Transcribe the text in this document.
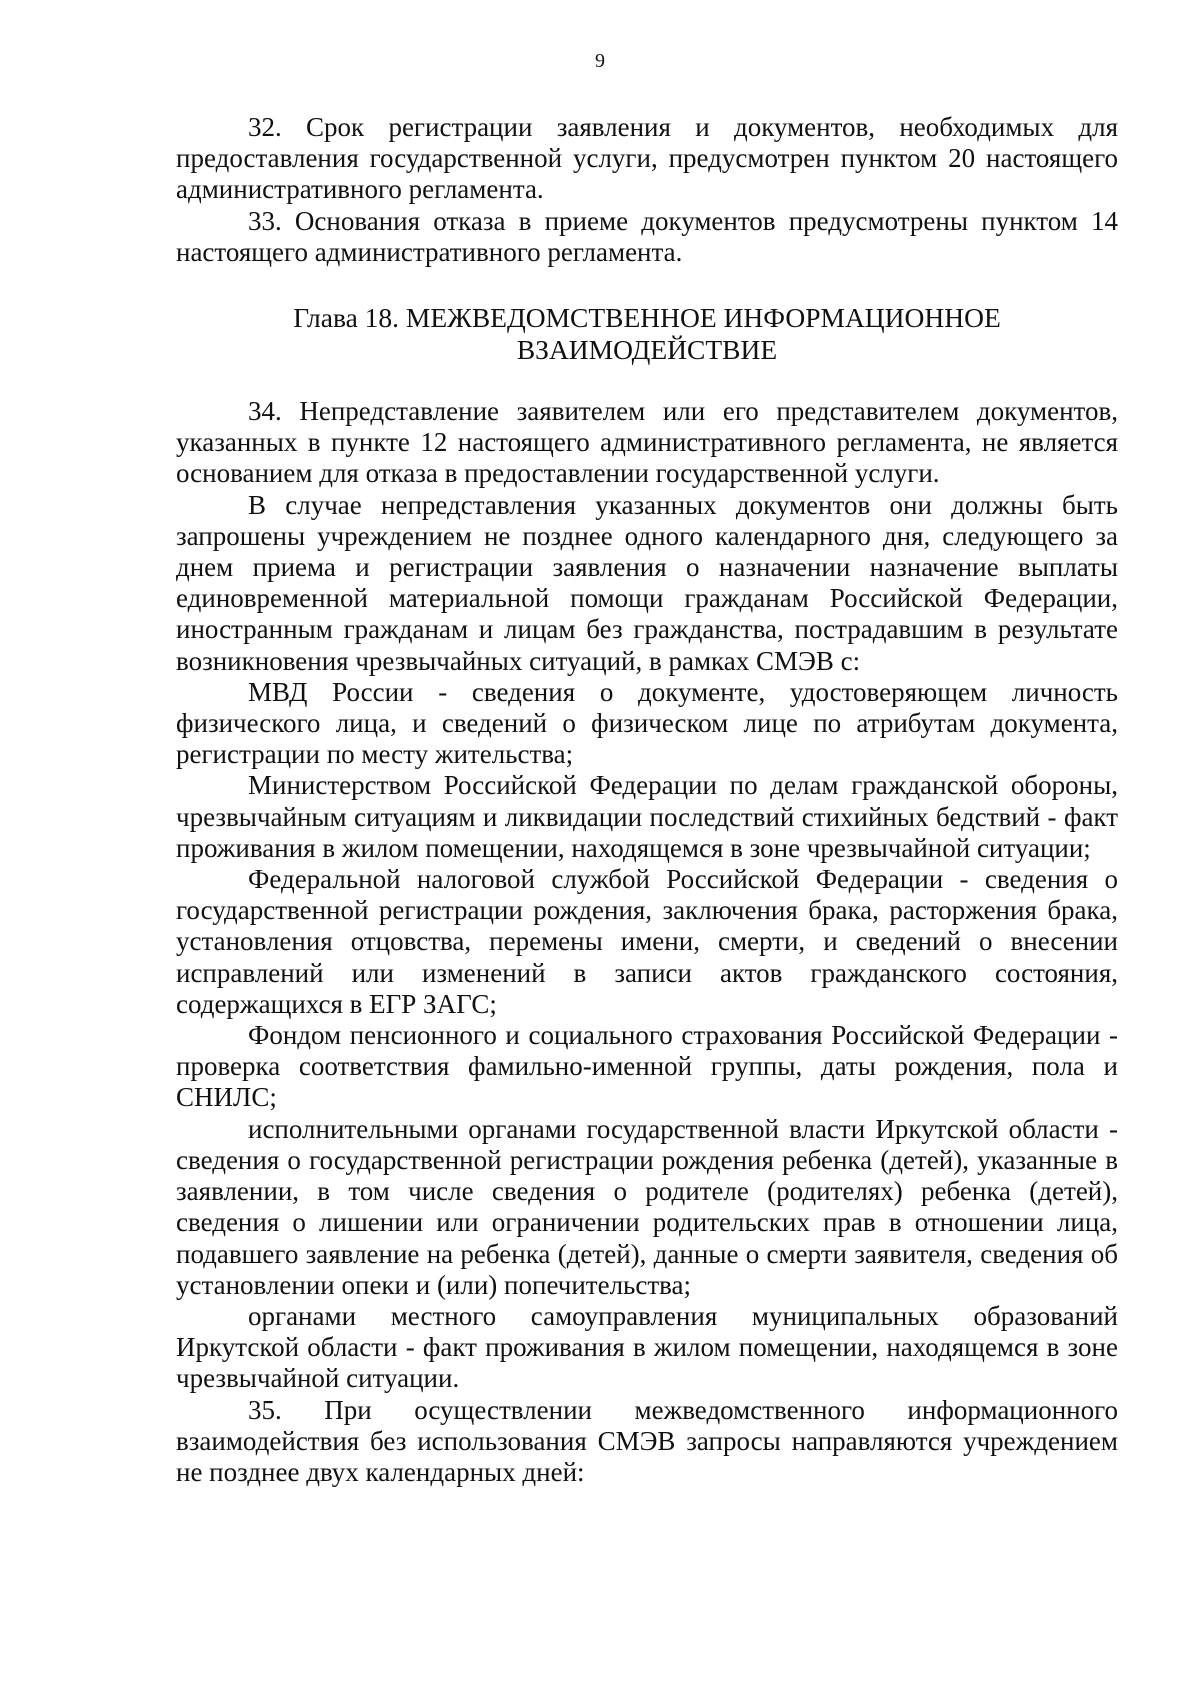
9

32. Срок регистрации заявления и документов, необходимых для предоставления государственной услуги, предусмотрен пунктом 20 настоящего административного регламента.

33. Основания отказа в приеме документов предусмотрены пунктом 14 настоящего административного регламента.

Глава 18. МЕЖВЕДОМСТВЕННОЕ ИНФОРМАЦИОННОЕ
ВЗАИМОДЕЙСТВИЕ

34. Непредставление заявителем или его представителем документов, указанных в пункте 12 настоящего административного регламента, не является основанием для отказа в предоставлении государственной услуги.

В случае непредставления указанных документов они должны быть запрошены учреждением не позднее одного календарного дня, следующего за днем приема и регистрации заявления о назначении назначение выплаты единовременной материальной помощи гражданам Российской Федерации, иностранным гражданам и лицам без гражданства, пострадавшим в результате возникновения чрезвычайных ситуаций, в рамках СМЭВ с:

МВД России - сведения о документе, удостоверяющем личность физического лица, и сведений о физическом лице по атрибутам документа, регистрации по месту жительства;

Министерством Российской Федерации по делам гражданской обороны, чрезвычайным ситуациям и ликвидации последствий стихийных бедствий - факт проживания в жилом помещении, находящемся в зоне чрезвычайной ситуации;

Федеральной налоговой службой Российской Федерации - сведения о государственной регистрации рождения, заключения брака, расторжения брака, установления отцовства, перемены имени, смерти, и сведений о внесении исправлений или изменений в записи актов гражданского состояния, содержащихся в ЕГР ЗАГС;

Фондом пенсионного и социального страхования Российской Федерации - проверка соответствия фамильно-именной группы, даты рождения, пола и СНИЛС;

исполнительными органами государственной власти Иркутской области - сведения о государственной регистрации рождения ребенка (детей), указанные в заявлении, в том числе сведения о родителе (родителях) ребенка (детей), сведения о лишении или ограничении родительских прав в отношении лица, подавшего заявление на ребенка (детей), данные о смерти заявителя, сведения об установлении опеки и (или) попечительства;

органами местного самоуправления муниципальных образований Иркутской области - факт проживания в жилом помещении, находящемся в зоне чрезвычайной ситуации.

35. При осуществлении межведомственного информационного взаимодействия без использования СМЭВ запросы направляются учреждением не позднее двух календарных дней:
